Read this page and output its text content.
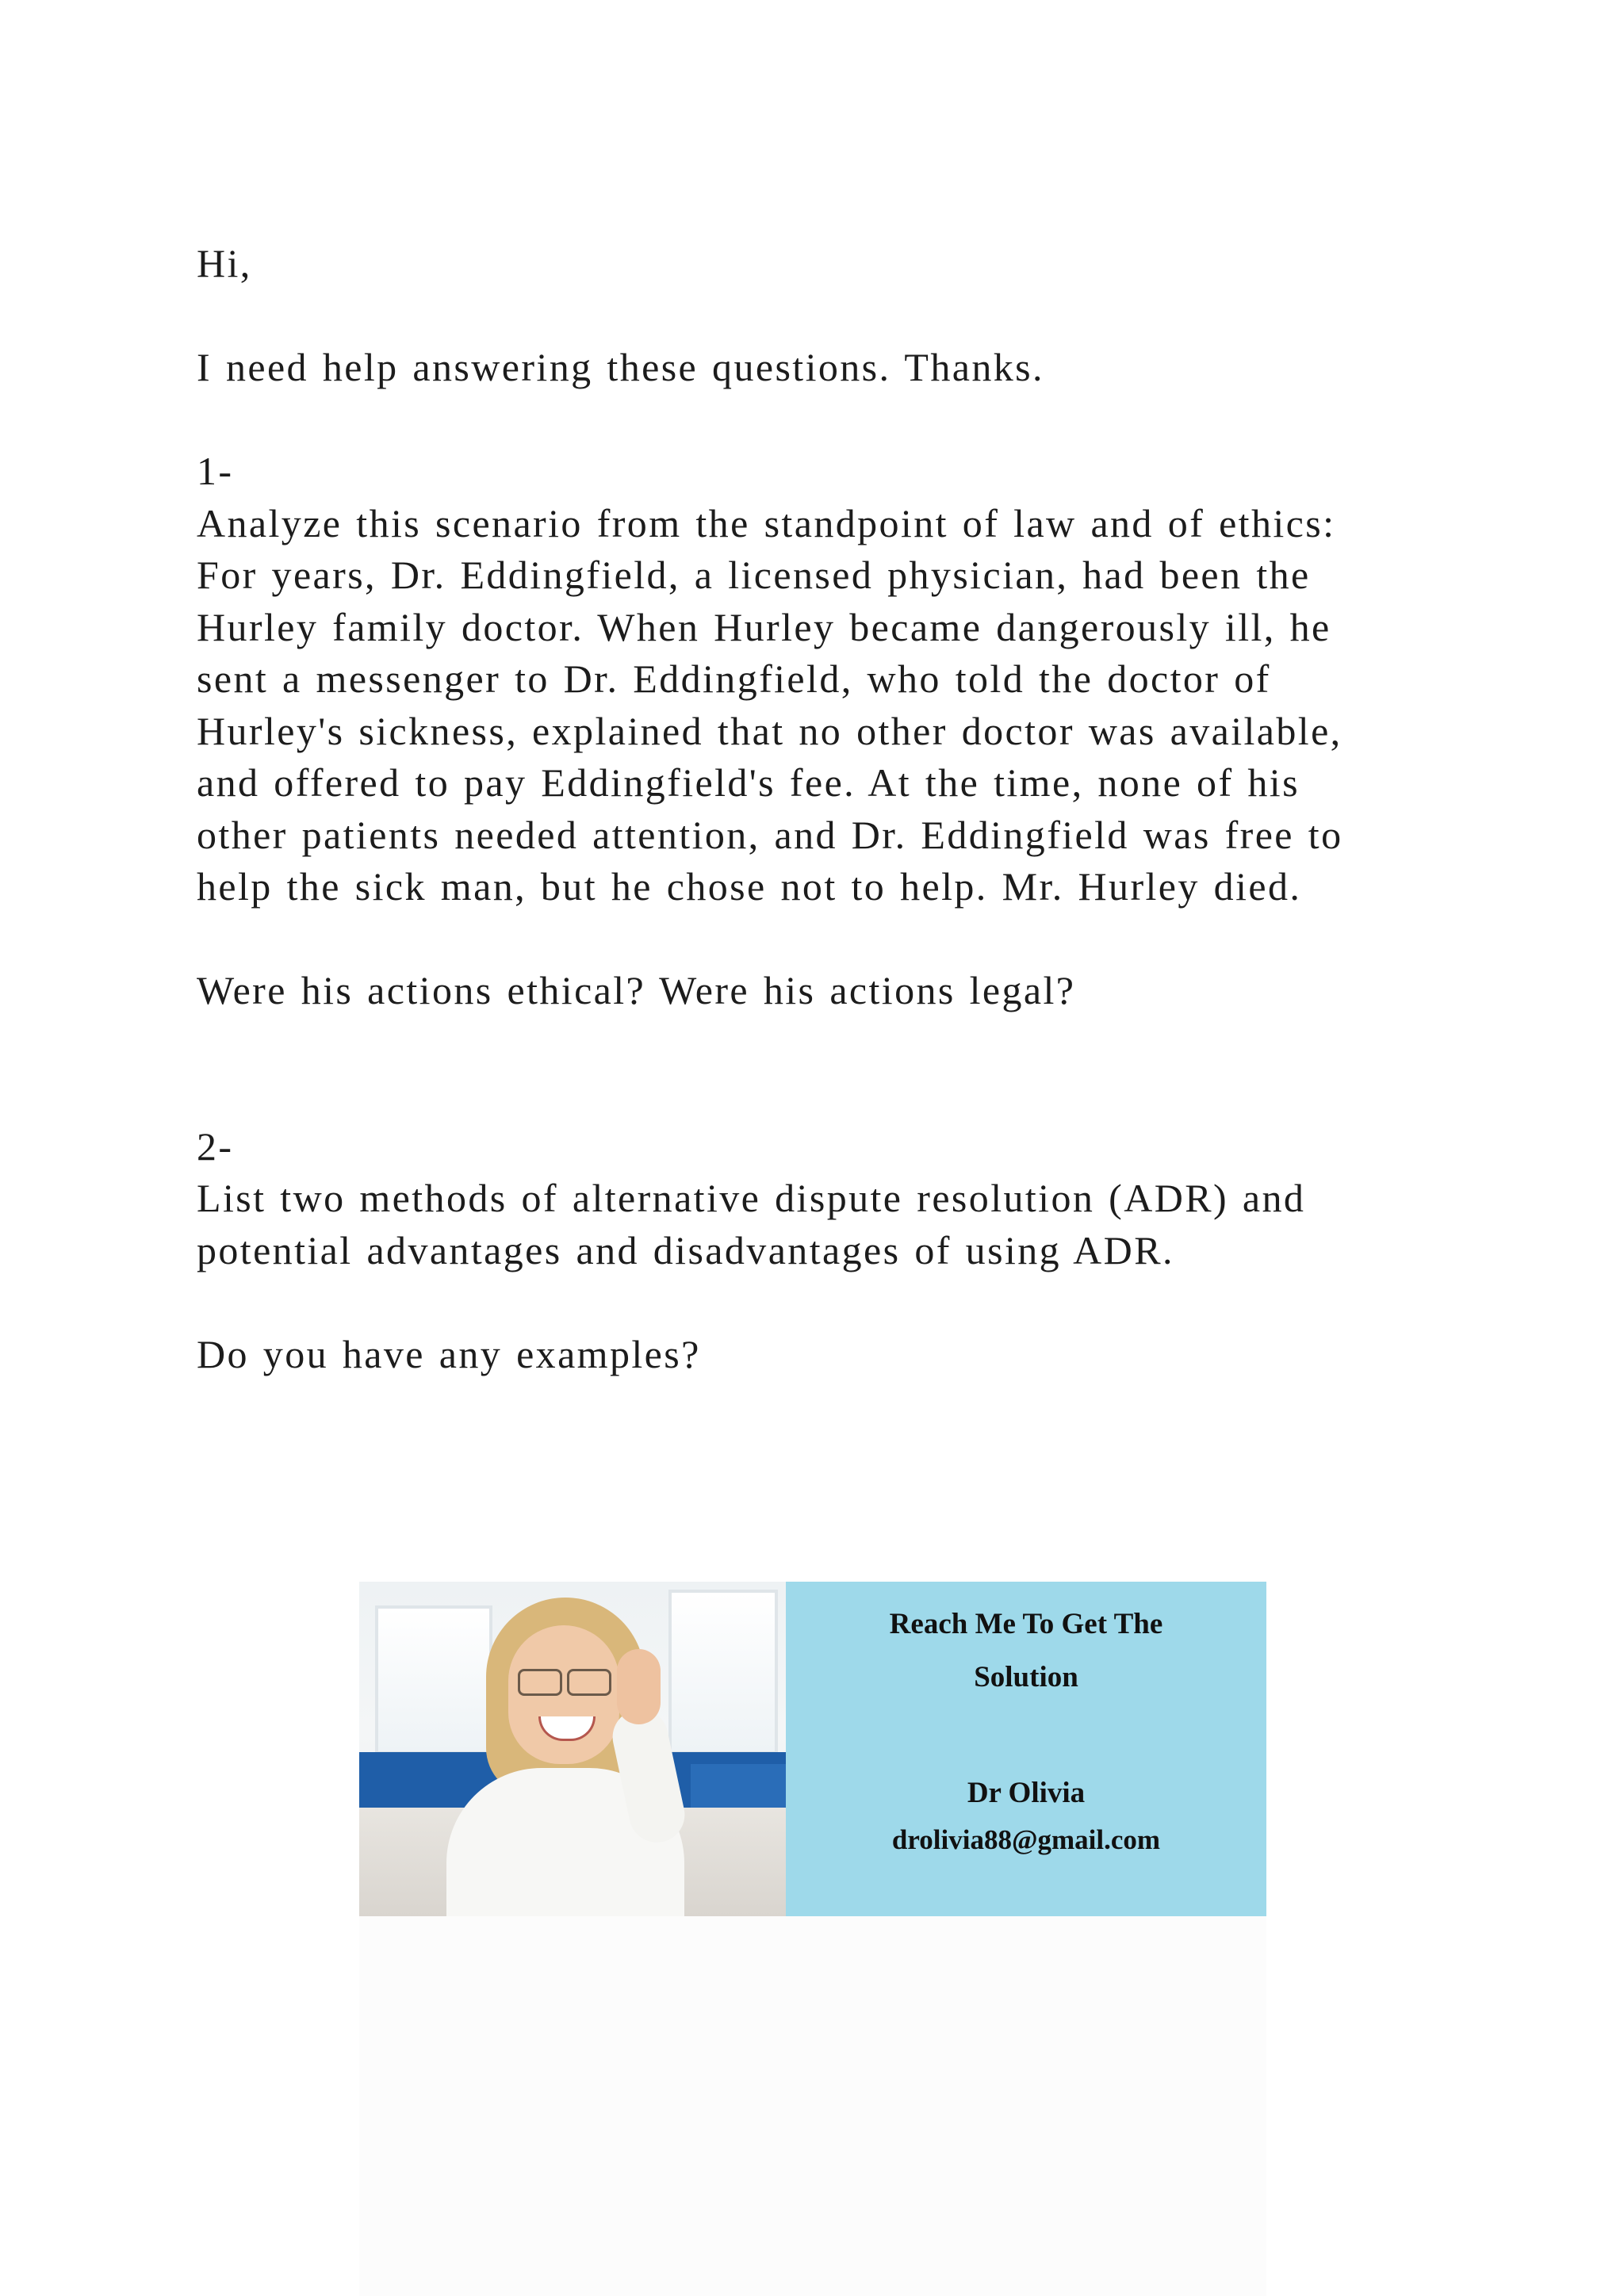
Hi,

I need help answering these questions. Thanks.

1-

Analyze this scenario from the standpoint of law and of ethics:

For years, Dr. Eddingfield, a licensed physician, had been the

Hurley family doctor. When Hurley became dangerously ill, he

sent a messenger to Dr. Eddingfield, who told the doctor of

Hurley's sickness, explained that no other doctor was available,

and offered to pay Eddingfield's fee. At the time, none of his

other patients needed attention, and Dr. Eddingfield was free to

help the sick man, but he chose not to help. Mr. Hurley died.

Were his actions ethical? Were his actions legal?

2-

List two methods of alternative dispute resolution (ADR) and

potential advantages and disadvantages of using ADR.

Do you have any examples?

Reach Me To Get The
Solution
Dr Olivia
drolivia88@gmail.com
